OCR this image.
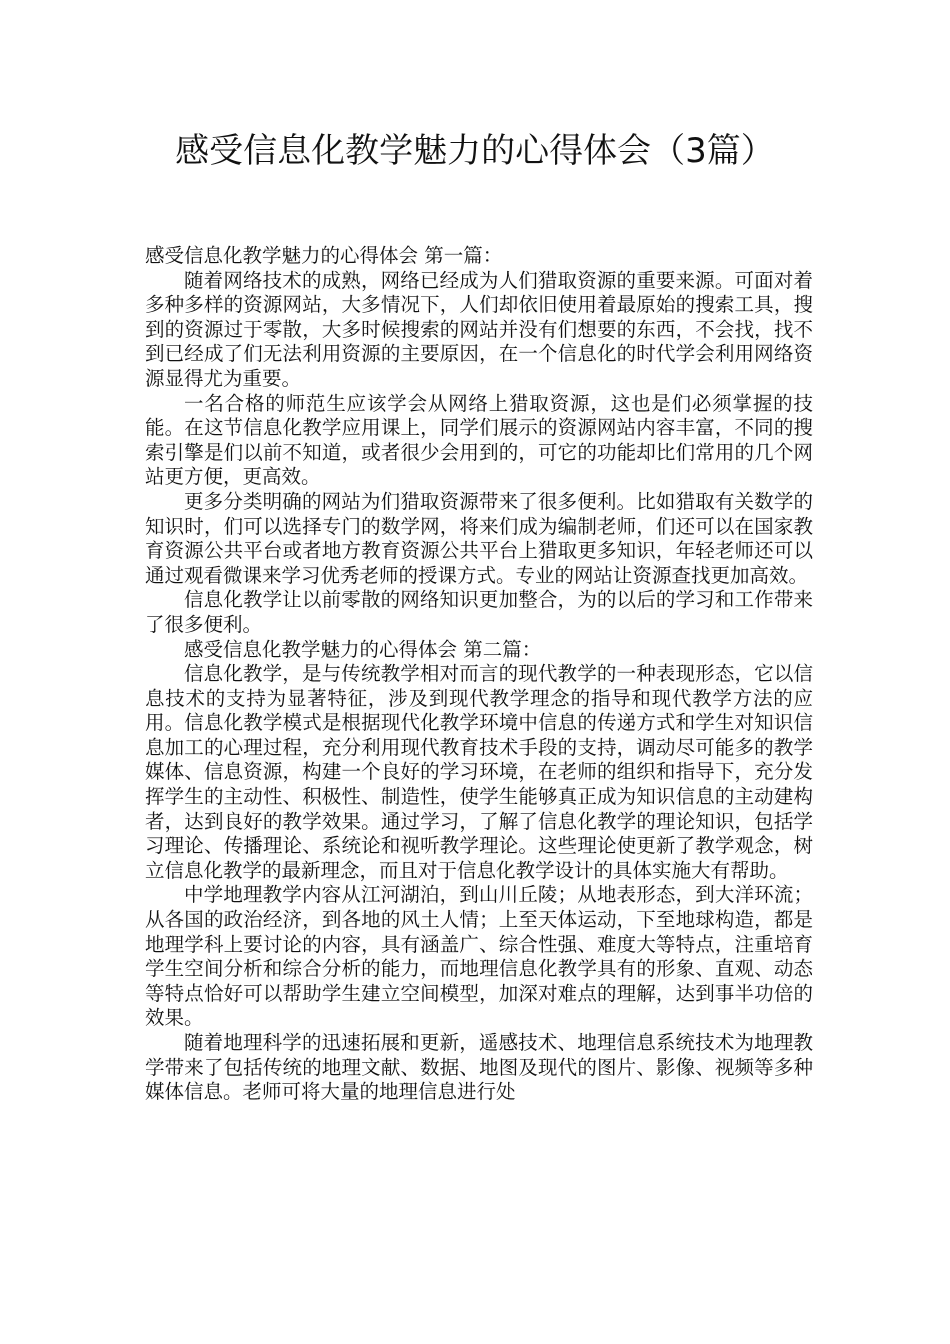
感受信息化教学魅力的心得体会（3篇）

感受信息化教学魅力的心得体会 第一篇：

随着网络技术的成熟，网络已经成为人们猎取资源的重要来源。可面对着多种多样的资源网站，大多情况下，人们却依旧使用着最原始的搜索工具，搜到的资源过于零散，大多时候搜索的网站并没有们想要的东西，不会找，找不到已经成了们无法利用资源的主要原因，在一个信息化的时代学会利用网络资源显得尤为重要。

一名合格的师范生应该学会从网络上猎取资源，这也是们必须掌握的技能。在这节信息化教学应用课上，同学们展示的资源网站内容丰富，不同的搜索引擎是们以前不知道，或者很少会用到的，可它的功能却比们常用的几个网站更方便，更高效。

更多分类明确的网站为们猎取资源带来了很多便利。比如猎取有关数学的知识时，们可以选择专门的数学网，将来们成为编制老师，们还可以在国家教育资源公共平台或者地方教育资源公共平台上猎取更多知识，年轻老师还可以通过观看微课来学习优秀老师的授课方式。专业的网站让资源查找更加高效。

信息化教学让以前零散的网络知识更加整合，为的以后的学习和工作带来了很多便利。

感受信息化教学魅力的心得体会 第二篇：

信息化教学，是与传统教学相对而言的现代教学的一种表现形态，它以信息技术的支持为显著特征，涉及到现代教学理念的指导和现代教学方法的应用。信息化教学模式是根据现代化教学环境中信息的传递方式和学生对知识信息加工的心理过程，充分利用现代教育技术手段的支持，调动尽可能多的教学媒体、信息资源，构建一个良好的学习环境，在老师的组织和指导下，充分发挥学生的主动性、积极性、制造性，使学生能够真正成为知识信息的主动建构者，达到良好的教学效果。通过学习，了解了信息化教学的理论知识，包括学习理论、传播理论、系统论和视听教学理论。这些理论使更新了教学观念，树立信息化教学的最新理念，而且对于信息化教学设计的具体实施大有帮助。

中学地理教学内容从江河湖泊，到山川丘陵；从地表形态，到大洋环流；从各国的政治经济，到各地的风土人情；上至天体运动，下至地球构造，都是地理学科上要讨论的内容，具有涵盖广、综合性强、难度大等特点，注重培育学生空间分析和综合分析的能力，而地理信息化教学具有的形象、直观、动态等特点恰好可以帮助学生建立空间模型，加深对难点的理解，达到事半功倍的效果。

随着地理科学的迅速拓展和更新，遥感技术、地理信息系统技术为地理教学带来了包括传统的地理文献、数据、地图及现代的图片、影像、视频等多种媒体信息。老师可将大量的地理信息进行处
